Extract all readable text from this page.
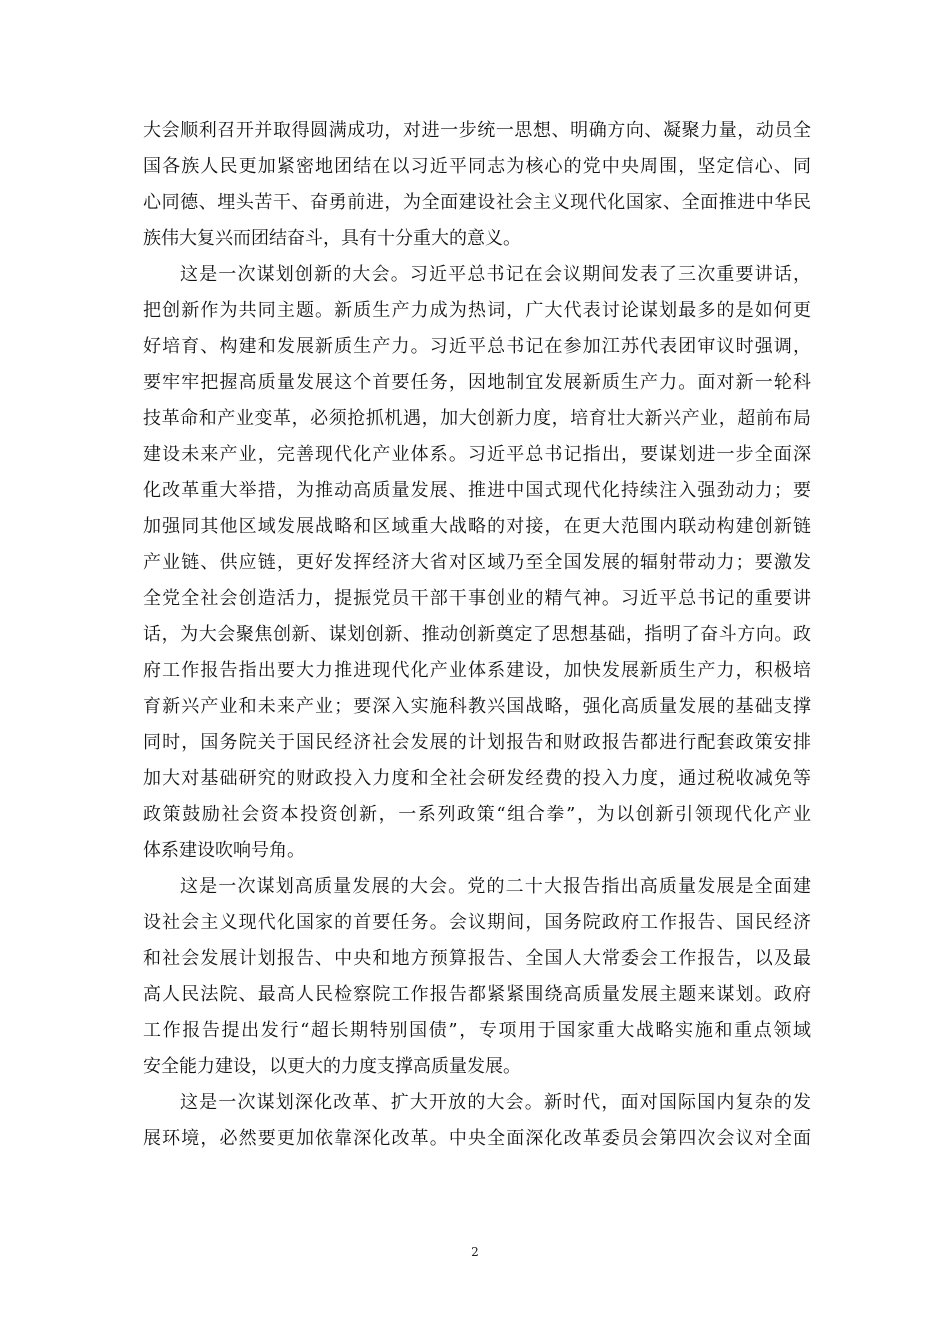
大会顺利召开并取得圆满成功，对进一步统一思想、明确方向、凝聚力量，动员全
国各族人民更加紧密地团结在以习近平同志为核心的党中央周围，坚定信心、同
心同德、埋头苦干、奋勇前进，为全面建设社会主义现代化国家、全面推进中华民
族伟大复兴而团结奋斗，具有十分重大的意义。
这是一次谋划创新的大会。习近平总书记在会议期间发表了三次重要讲话，
把创新作为共同主题。新质生产力成为热词，广大代表讨论谋划最多的是如何更
好培育、构建和发展新质生产力。习近平总书记在参加江苏代表团审议时强调，
要牢牢把握高质量发展这个首要任务，因地制宜发展新质生产力。面对新一轮科
技革命和产业变革，必须抢抓机遇，加大创新力度，培育壮大新兴产业，超前布局
建设未来产业，完善现代化产业体系。习近平总书记指出，要谋划进一步全面深
化改革重大举措，为推动高质量发展、推进中国式现代化持续注入强劲动力；要
加强同其他区域发展战略和区域重大战略的对接，在更大范围内联动构建创新链
产业链、供应链，更好发挥经济大省对区域乃至全国发展的辐射带动力；要激发
全党全社会创造活力，提振党员干部干事创业的精气神。习近平总书记的重要讲
话，为大会聚焦创新、谋划创新、推动创新奠定了思想基础，指明了奋斗方向。政
府工作报告指出要大力推进现代化产业体系建设，加快发展新质生产力，积极培
育新兴产业和未来产业；要深入实施科教兴国战略，强化高质量发展的基础支撑
同时，国务院关于国民经济社会发展的计划报告和财政报告都进行配套政策安排
加大对基础研究的财政投入力度和全社会研发经费的投入力度，通过税收减免等
政策鼓励社会资本投资创新，一系列政策“组合拳”，为以创新引领现代化产业
体系建设吹响号角。
这是一次谋划高质量发展的大会。党的二十大报告指出高质量发展是全面建
设社会主义现代化国家的首要任务。会议期间，国务院政府工作报告、国民经济
和社会发展计划报告、中央和地方预算报告、全国人大常委会工作报告，以及最
高人民法院、最高人民检察院工作报告都紧紧围绕高质量发展主题来谋划。政府
工作报告提出发行“超长期特别国债”，专项用于国家重大战略实施和重点领域
安全能力建设，以更大的力度支撑高质量发展。
这是一次谋划深化改革、扩大开放的大会。新时代，面对国际国内复杂的发
展环境，必然要更加依靠深化改革。中央全面深化改革委员会第四次会议对全面
2
